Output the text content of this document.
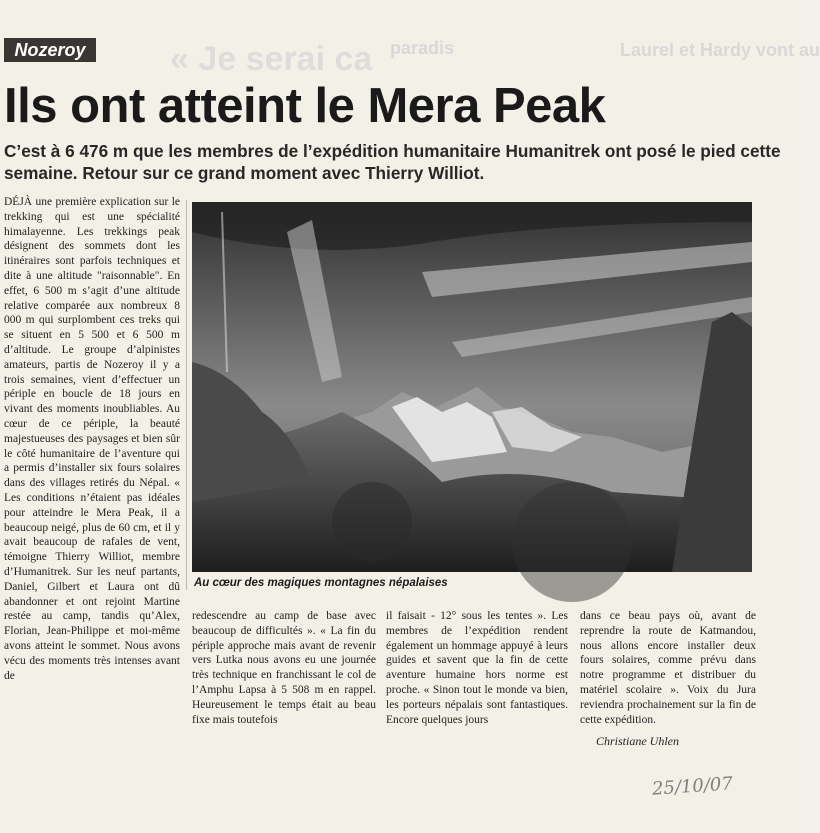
« Je serai ca paradis	Laurel et Hardy vont au
Nozeroy
Ils ont atteint le Mera Peak
C’est à 6 476 m que les membres de l’expédition humanitaire Humanitrek ont posé le pied cette semaine. Retour sur ce grand moment avec Thierry Williot.

DÉJÀ une première explication sur le trekking qui est une spécialité himalayenne. Les trekkings peak désignent des sommets dont les itinéraires sont parfois techniques et dite à une altitude "raisonnable". En effet, 6 500 m s’agit d’une altitude relative comparée aux nombreux 8 000 m qui surplombent ces treks qui se situent en 5 500 et 6 500 m d’altitude. Le groupe d’alpinistes amateurs, partis de Nozeroy il y a trois semaines, vient d’effectuer un périple en boucle de 18 jours en vivant des moments inoubliables. Au cœur de ce périple, la beauté majestueuses des paysages et bien sûr le côté humanitaire de l’aventure qui a permis d’installer six fours solaires dans des villages retirés du Népal. « Les conditions n’étaient pas idéales pour atteindre le Mera Peak, il a beaucoup neigé, plus de 60 cm, et il y avait beaucoup de rafales de vent, témoigne Thierry Williot, membre d’Humanitrek. Sur les neuf partants, Daniel, Gilbert et Laura ont dû abandonner et ont rejoint Martine restée au camp, tandis qu’Alex, Florian, Jean-Philippe et moi-même avons atteint le sommet. Nous avons vécu des moments très intenses avant de

Au cœur des magiques montagnes népalaises

redescendre au camp de base avec beaucoup de difficultés ». « La fin du périple approche mais avant de revenir vers Lutka nous avons eu une journée très technique en franchissant le col de l’Amphu Lapsa à 5 508 m en rappel. Heureusement le temps était au beau fixe mais toutefois

il faisait - 12° sous les tentes ». Les membres de l’expédition rendent également un hommage appuyé à leurs guides et savent que la fin de cette aventure humaine hors norme est proche. « Sinon tout le monde va bien, les porteurs népalais sont fantastiques. Encore quelques jours

dans ce beau pays où, avant de reprendre la route de Katmandou, nous allons encore installer deux fours solaires, comme prévu dans notre programme et distribuer du matériel scolaire ». Voix du Jura reviendra prochainement sur la fin de cette expédition.

Christiane Uhlen
25/10/07
